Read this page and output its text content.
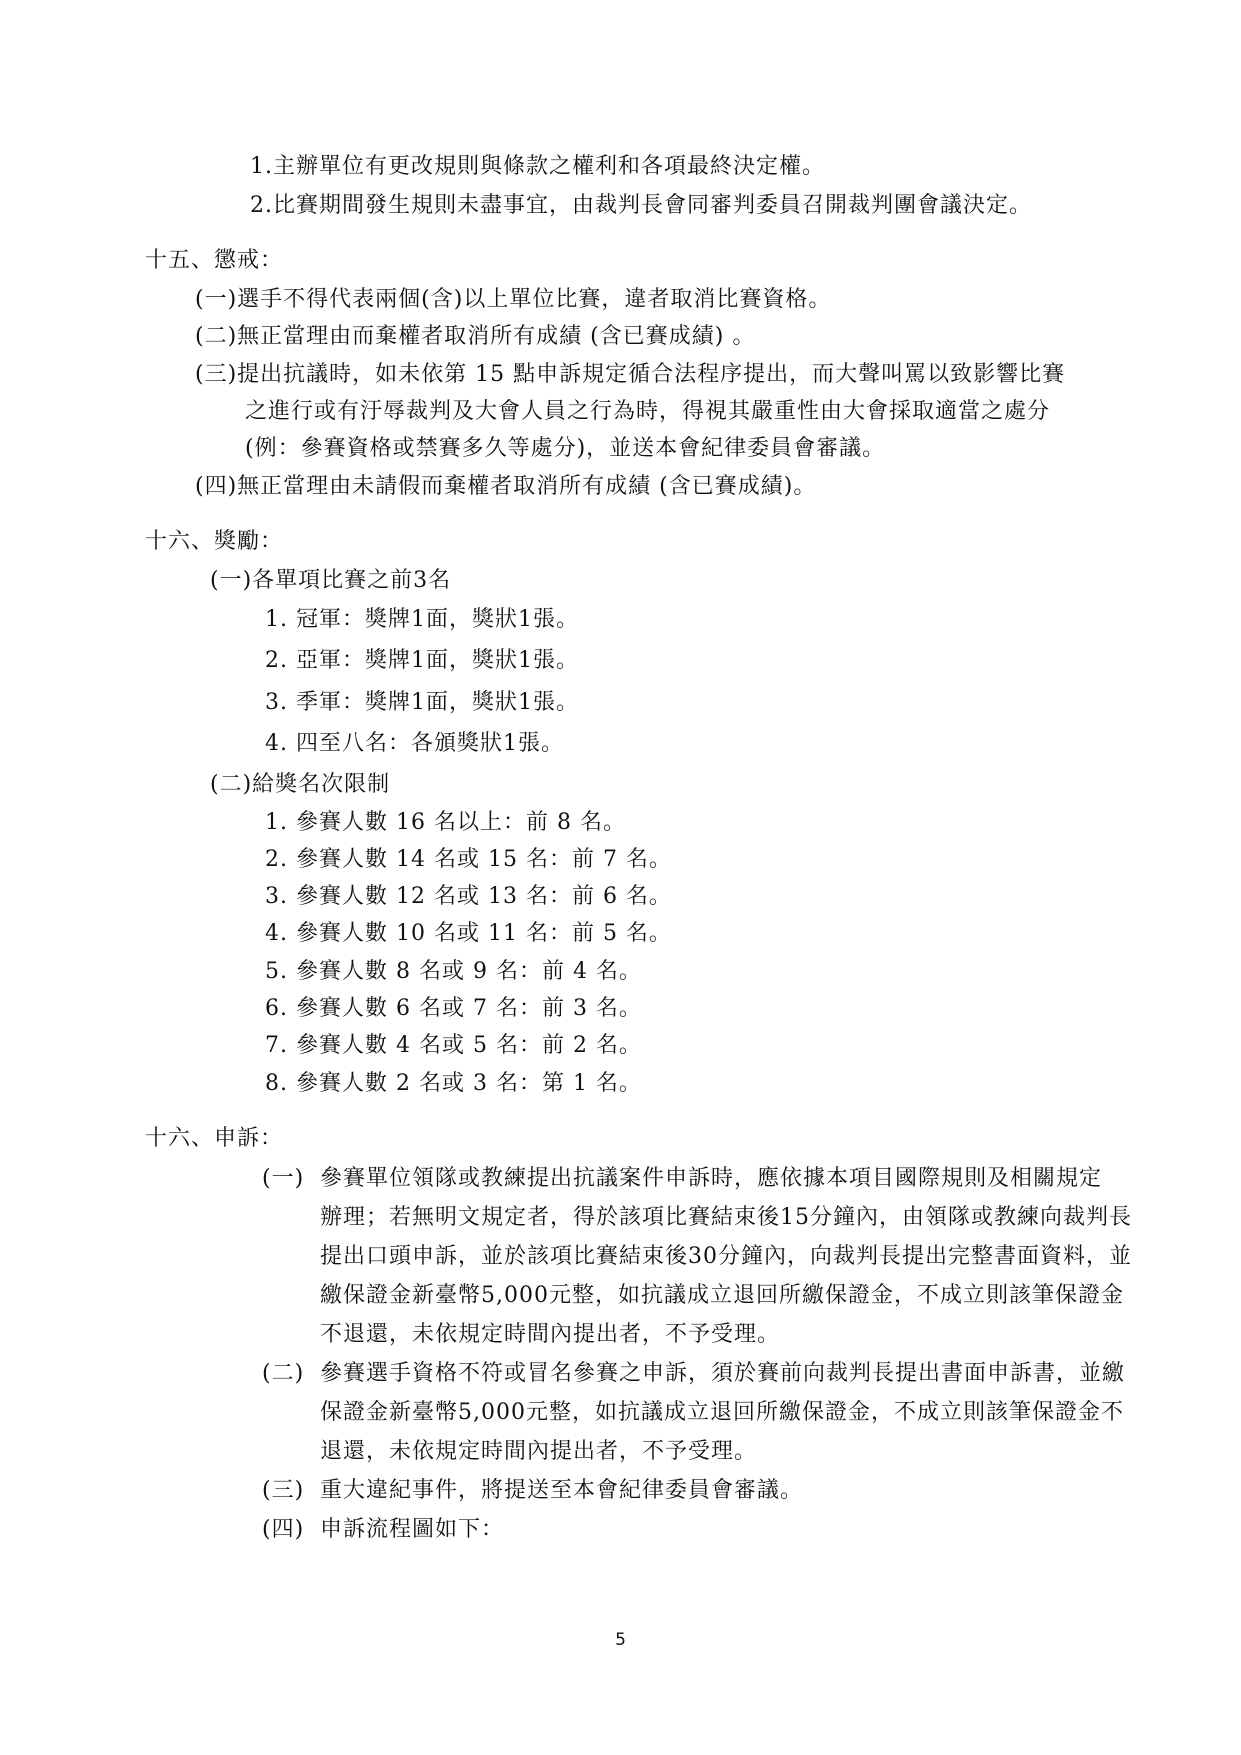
1.主辦單位有更改規則與條款之權利和各項最終決定權。
2.比賽期間發生規則未盡事宜，由裁判長會同審判委員召開裁判團會議決定。
十五、懲戒：
(一)選手不得代表兩個(含)以上單位比賽，違者取消比賽資格。
(二)無正當理由而棄權者取消所有成績 (含已賽成績) 。
(三)提出抗議時，如未依第 15 點申訴規定循合法程序提出，而大聲叫罵以致影響比賽
之進行或有汙辱裁判及大會人員之行為時，得視其嚴重性由大會採取適當之處分
(例：參賽資格或禁賽多久等處分)，並送本會紀律委員會審議。
(四)無正當理由未請假而棄權者取消所有成績 (含已賽成績)。
十六、獎勵：
(一)各單項比賽之前3名
1. 冠軍：獎牌1面，獎狀1張。
2. 亞軍：獎牌1面，獎狀1張。
3. 季軍：獎牌1面，獎狀1張。
4. 四至八名：各頒獎狀1張。
(二)給獎名次限制
1. 參賽人數 16 名以上：前 8 名。
2. 參賽人數 14 名或 15 名：前 7 名。
3. 參賽人數 12 名或 13 名：前 6 名。
4. 參賽人數 10 名或 11 名：前 5 名。
5. 參賽人數 8 名或 9 名：前 4 名。
6. 參賽人數 6 名或 7 名：前 3 名。
7. 參賽人數 4 名或 5 名：前 2 名。
8. 參賽人數 2 名或 3 名：第 1 名。
十六、申訴：
(一) 參賽單位領隊或教練提出抗議案件申訴時，應依據本項目國際規則及相關規定
辦理；若無明文規定者，得於該項比賽結束後15分鐘內，由領隊或教練向裁判長
提出口頭申訴，並於該項比賽結束後30分鐘內，向裁判長提出完整書面資料，並
繳保證金新臺幣5,000元整，如抗議成立退回所繳保證金，不成立則該筆保證金
不退還，未依規定時間內提出者，不予受理。
(二) 參賽選手資格不符或冒名參賽之申訴，須於賽前向裁判長提出書面申訴書，並繳
保證金新臺幣5,000元整，如抗議成立退回所繳保證金，不成立則該筆保證金不
退還，未依規定時間內提出者，不予受理。
(三) 重大違紀事件，將提送至本會紀律委員會審議。
(四) 申訴流程圖如下：
5
